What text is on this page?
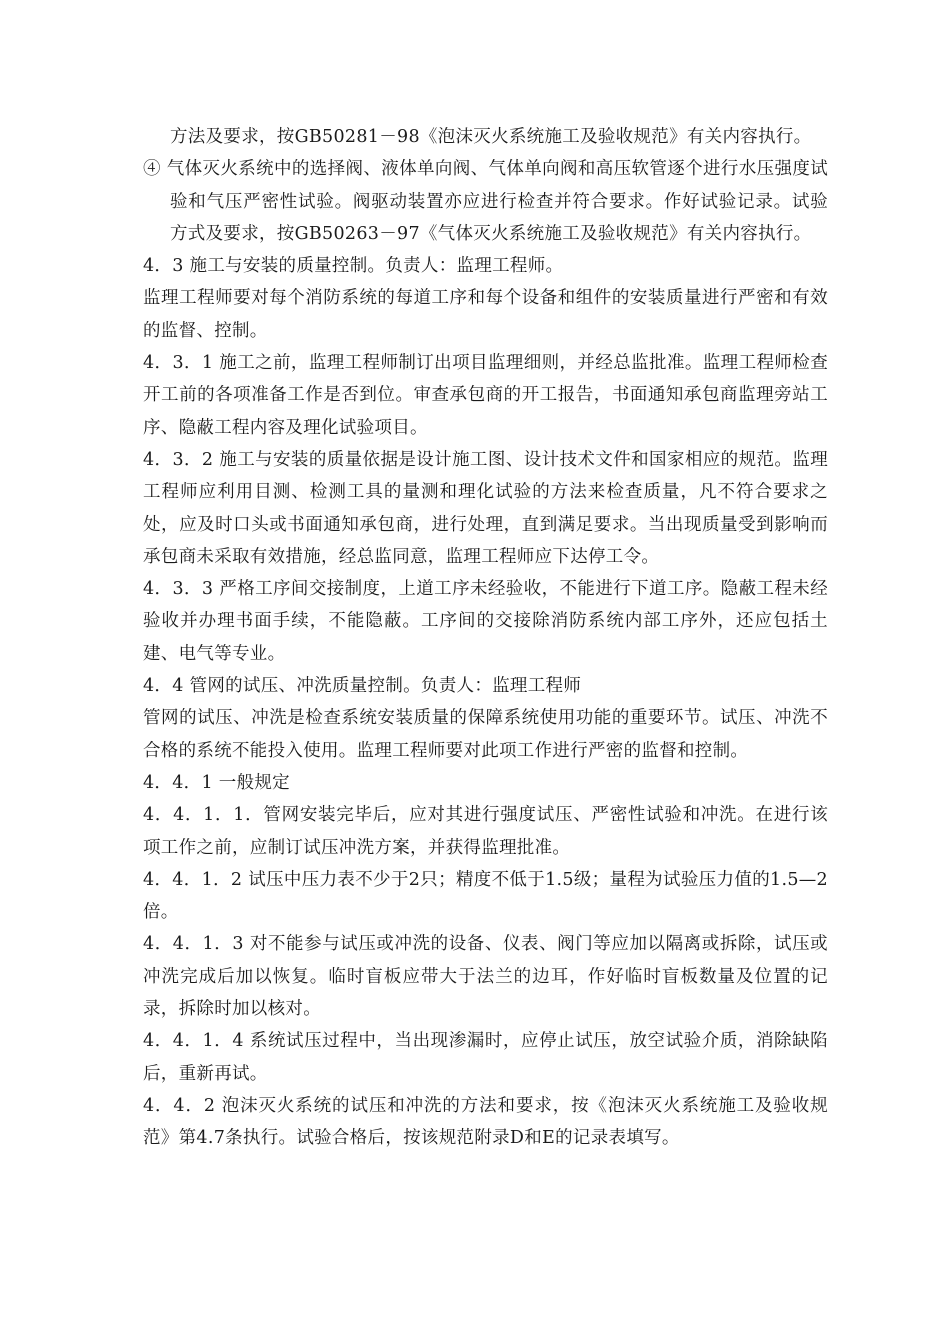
方法及要求，按GB50281－98《泡沫灭火系统施工及验收规范》有关内容执行。

④ 气体灭火系统中的选择阀、液体单向阀、气体单向阀和高压软管逐个进行水压强度试验和气压严密性试验。阀驱动装置亦应进行检查并符合要求。作好试验记录。试验方式及要求，按GB50263－97《气体灭火系统施工及验收规范》有关内容执行。

4．3 施工与安装的质量控制。负责人：监理工程师。

监理工程师要对每个消防系统的每道工序和每个设备和组件的安装质量进行严密和有效的监督、控制。

4．3．1 施工之前，监理工程师制订出项目监理细则，并经总监批准。监理工程师检查开工前的各项准备工作是否到位。审查承包商的开工报告，书面通知承包商监理旁站工序、隐蔽工程内容及理化试验项目。

4．3．2 施工与安装的质量依据是设计施工图、设计技术文件和国家相应的规范。监理工程师应利用目测、检测工具的量测和理化试验的方法来检查质量，凡不符合要求之处，应及时口头或书面通知承包商，进行处理，直到满足要求。当出现质量受到影响而承包商未采取有效措施，经总监同意，监理工程师应下达停工令。

4．3．3 严格工序间交接制度，上道工序未经验收，不能进行下道工序。隐蔽工程未经验收并办理书面手续，不能隐蔽。工序间的交接除消防系统内部工序外，还应包括土建、电气等专业。

4．4 管网的试压、冲洗质量控制。负责人：监理工程师

管网的试压、冲洗是检查系统安装质量的保障系统使用功能的重要环节。试压、冲洗不合格的系统不能投入使用。监理工程师要对此项工作进行严密的监督和控制。

4．4．1 一般规定

4．4．1．1．管网安装完毕后，应对其进行强度试压、严密性试验和冲洗。在进行该项工作之前，应制订试压冲洗方案，并获得监理批准。

4．4．1．2 试压中压力表不少于2只；精度不低于1.5级；量程为试验压力值的1.5—2倍。

4．4．1．3 对不能参与试压或冲洗的设备、仪表、阀门等应加以隔离或拆除，试压或冲洗完成后加以恢复。临时盲板应带大于法兰的边耳，作好临时盲板数量及位置的记录，拆除时加以核对。

4．4．1．4 系统试压过程中，当出现渗漏时，应停止试压，放空试验介质，消除缺陷后，重新再试。

4．4．2 泡沫灭火系统的试压和冲洗的方法和要求，按《泡沫灭火系统施工及验收规范》第4.7条执行。试验合格后，按该规范附录D和E的记录表填写。
